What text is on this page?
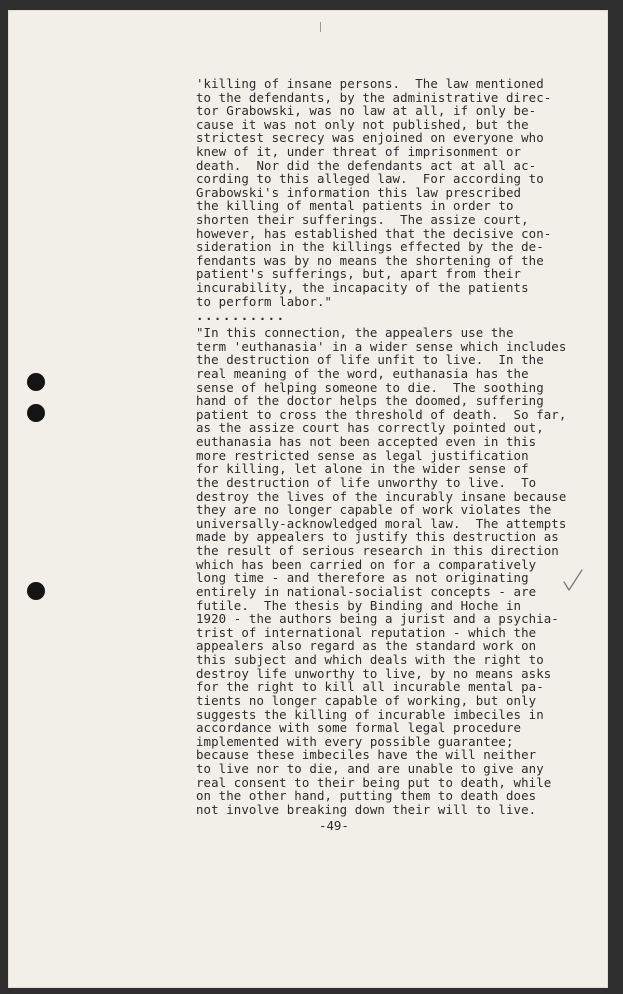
'killing of insane persons.  The law mentioned
to the defendants, by the administrative direc-
tor Grabowski, was no law at all, if only be-
cause it was not only not published, but the
strictest secrecy was enjoined on everyone who
knew of it, under threat of imprisonment or
death.  Nor did the defendants act at all ac-
cording to this alleged law.  For according to
Grabowski's information this law prescribed
the killing of mental patients in order to
shorten their sufferings.  The assize court,
however, has established that the decisive con-
sideration in the killings effected by the de-
fendants was by no means the shortening of the
patient's sufferings, but, apart from their
incurability, the incapacity of the patients
to perform labor."
..........
"In this connection, the appealers use the
term 'euthanasia' in a wider sense which includes
the destruction of life unfit to live.  In the
real meaning of the word, euthanasia has the
sense of helping someone to die.  The soothing
hand of the doctor helps the doomed, suffering
patient to cross the threshold of death.  So far,
as the assize court has correctly pointed out,
euthanasia has not been accepted even in this
more restricted sense as legal justification
for killing, let alone in the wider sense of
the destruction of life unworthy to live.  To
destroy the lives of the incurably insane because
they are no longer capable of work violates the
universally-acknowledged moral law.  The attempts
made by appealers to justify this destruction as
the result of serious research in this direction
which has been carried on for a comparatively
long time - and therefore as not originating
entirely in national-socialist concepts - are
futile.  The thesis by Binding and Hoche in
1920 - the authors being a jurist and a psychia-
trist of international reputation - which the
appealers also regard as the standard work on
this subject and which deals with the right to
destroy life unworthy to live, by no means asks
for the right to kill all incurable mental pa-
tients no longer capable of working, but only
suggests the killing of incurable imbeciles in
accordance with some formal legal procedure
implemented with every possible guarantee;
because these imbeciles have the will neither
to live nor to die, and are unable to give any
real consent to their being put to death, while
on the other hand, putting them to death does
not involve breaking down their will to live.
-49-
